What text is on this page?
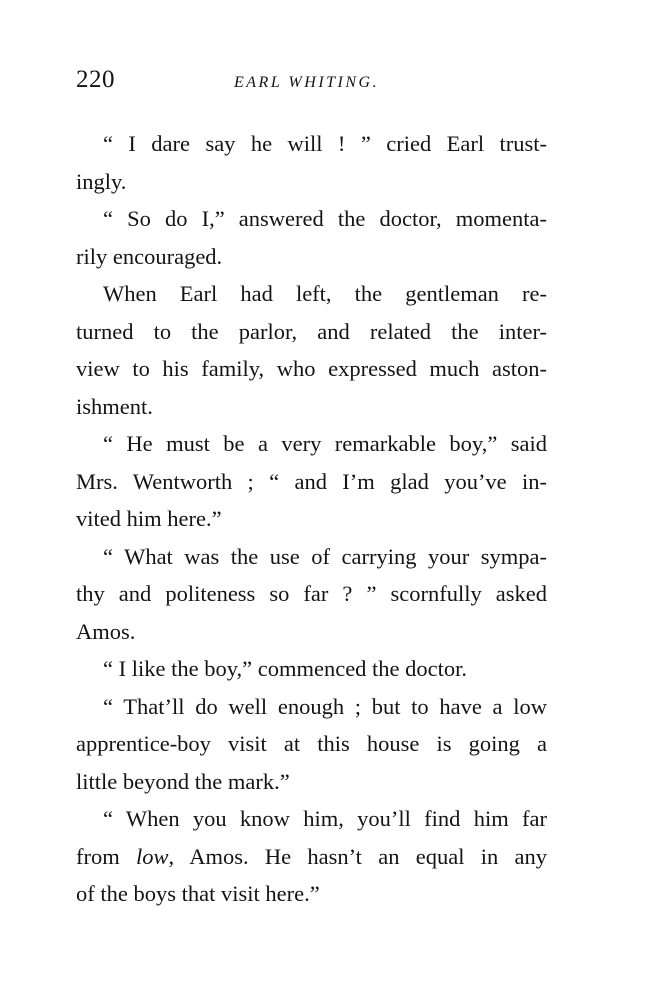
220	EARL WHITING.
“ I dare say he will ! ” cried Earl trust-
ingly.
“ So do I,” answered the doctor, momenta-
rily encouraged.
When Earl had left, the gentleman re-
turned to the parlor, and related the inter-
view to his family, who expressed much aston-
ishment.
“ He must be a very remarkable boy,” said
Mrs. Wentworth ; “ and I’m glad you’ve in-
vited him here.”
“ What was the use of carrying your sympa-
thy and politeness so far ? ” scornfully asked
Amos.
“ I like the boy,” commenced the doctor.
“ That’ll do well enough ; but to have a low
apprentice-boy visit at this house is going a
little beyond the mark.”
“ When you know him, you’ll find him far
from low, Amos. He hasn’t an equal in any
of the boys that visit here.”
